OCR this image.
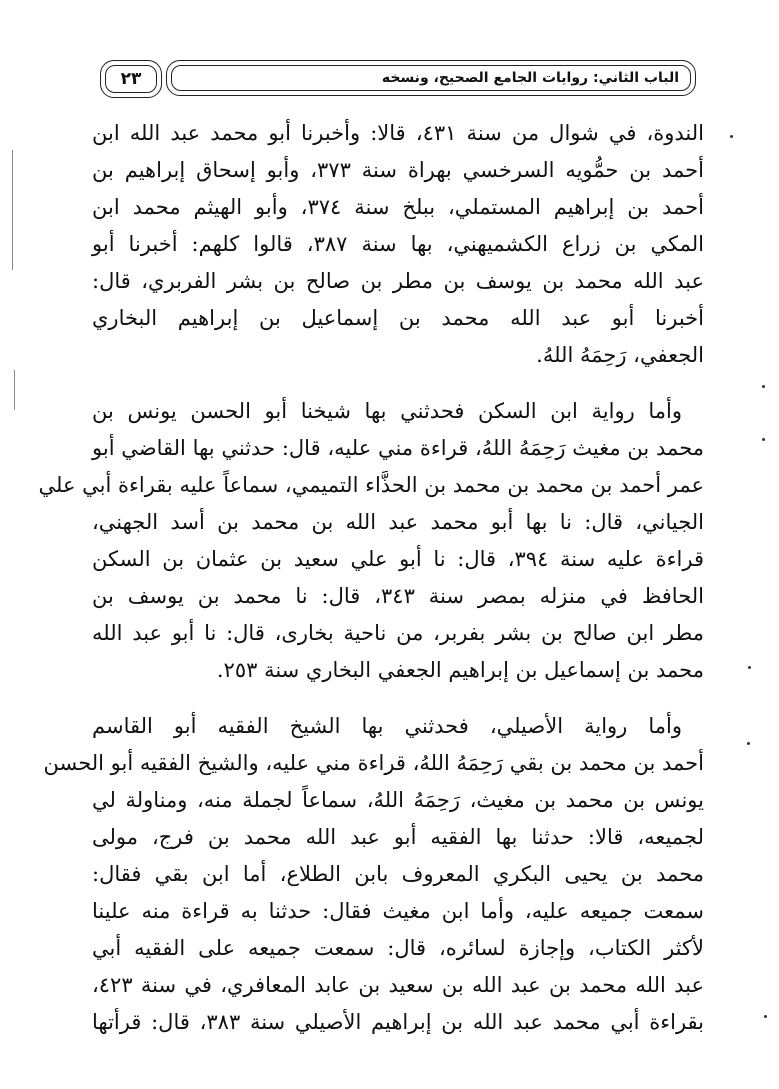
٢٣	الباب الثاني: روايات الجامع الصحيح، ونسخه

الندوة، في شوال من سنة ٤٣١، قالا: وأخبرنا أبو محمد عبد الله ابن
أحمد بن حمُّويه السرخسي بهراة سنة ٣٧٣، وأبو إسحاق إبراهيم بن
أحمد بن إبراهيم المستملي، ببلخ سنة ٣٧٤، وأبو الهيثم محمد ابن
المكي بن زراع الكشميهني، بها سنة ٣٨٧، قالوا كلهم: أخبرنا أبو
عبد الله محمد بن يوسف بن مطر بن صالح بن بشر الفربري، قال:
أخبرنا أبو عبد الله محمد بن إسماعيل بن إبراهيم البخاري
الجعفي، رَحِمَهُ اللهُ.

وأما رواية ابن السكن فحدثني بها شيخنا أبو الحسن يونس بن
محمد بن مغيث رَحِمَهُ اللهُ، قراءة مني عليه، قال: حدثني بها القاضي أبو
عمر أحمد بن محمد بن محمد بن الحذَّاء التميمي، سماعاً عليه بقراءة أبي علي
الجياني، قال: نا بها أبو محمد عبد الله بن محمد بن أسد الجهني،
قراءة عليه سنة ٣٩٤، قال: نا أبو علي سعيد بن عثمان بن السكن
الحافظ في منزله بمصر سنة ٣٤٣، قال: نا محمد بن يوسف بن
مطر ابن صالح بن بشر بفربر، من ناحية بخارى، قال: نا أبو عبد الله
محمد بن إسماعيل بن إبراهيم الجعفي البخاري سنة ٢٥٣.

وأما رواية الأصيلي، فحدثني بها الشيخ الفقيه أبو القاسم
أحمد بن محمد بن بقي رَحِمَهُ اللهُ، قراءة مني عليه، والشيخ الفقيه أبو الحسن
يونس بن محمد بن مغيث، رَحِمَهُ اللهُ، سماعاً لجملة منه، ومناولة لي
لجميعه، قالا: حدثنا بها الفقيه أبو عبد الله محمد بن فرج، مولى
محمد بن يحيى البكري المعروف بابن الطلاع، أما ابن بقي فقال:
سمعت جميعه عليه، وأما ابن مغيث فقال: حدثنا به قراءة منه علينا
لأكثر الكتاب، وإجازة لسائره، قال: سمعت جميعه على الفقيه أبي
عبد الله محمد بن عبد الله بن سعيد بن عابد المعافري، في سنة ٤٢٣،
بقراءة أبي محمد عبد الله بن إبراهيم الأصيلي سنة ٣٨٣، قال: قرأتها
